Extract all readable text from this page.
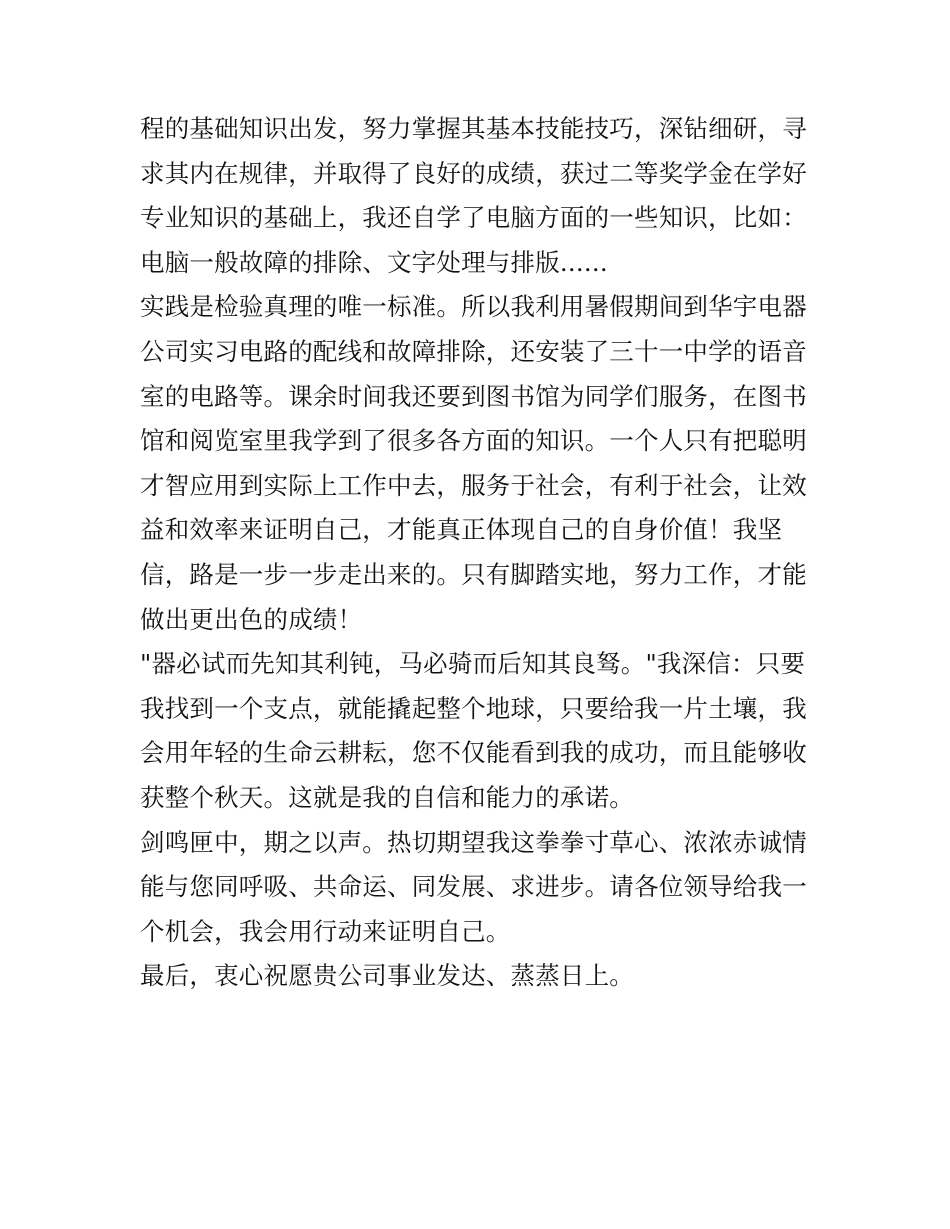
程的基础知识出发，努力掌握其基本技能技巧，深钻细研，寻
求其内在规律，并取得了良好的成绩，获过二等奖学金在学好
专业知识的基础上，我还自学了电脑方面的一些知识，比如：
电脑一般故障的排除、文字处理与排版......
实践是检验真理的唯一标准。所以我利用暑假期间到华宇电器
公司实习电路的配线和故障排除，还安装了三十一中学的语音
室的电路等。课余时间我还要到图书馆为同学们服务，在图书
馆和阅览室里我学到了很多各方面的知识。一个人只有把聪明
才智应用到实际上工作中去，服务于社会，有利于社会，让效
益和效率来证明自己，才能真正体现自己的自身价值！我坚
信，路是一步一步走出来的。只有脚踏实地，努力工作，才能
做出更出色的成绩！
"器必试而先知其利钝，马必骑而后知其良驽。"我深信：只要
我找到一个支点，就能撬起整个地球，只要给我一片土壤，我
会用年轻的生命云耕耘，您不仅能看到我的成功，而且能够收
获整个秋天。这就是我的自信和能力的承诺。
剑鸣匣中，期之以声。热切期望我这拳拳寸草心、浓浓赤诚情
能与您同呼吸、共命运、同发展、求进步。请各位领导给我一
个机会，我会用行动来证明自己。
最后，衷心祝愿贵公司事业发达、蒸蒸日上。
